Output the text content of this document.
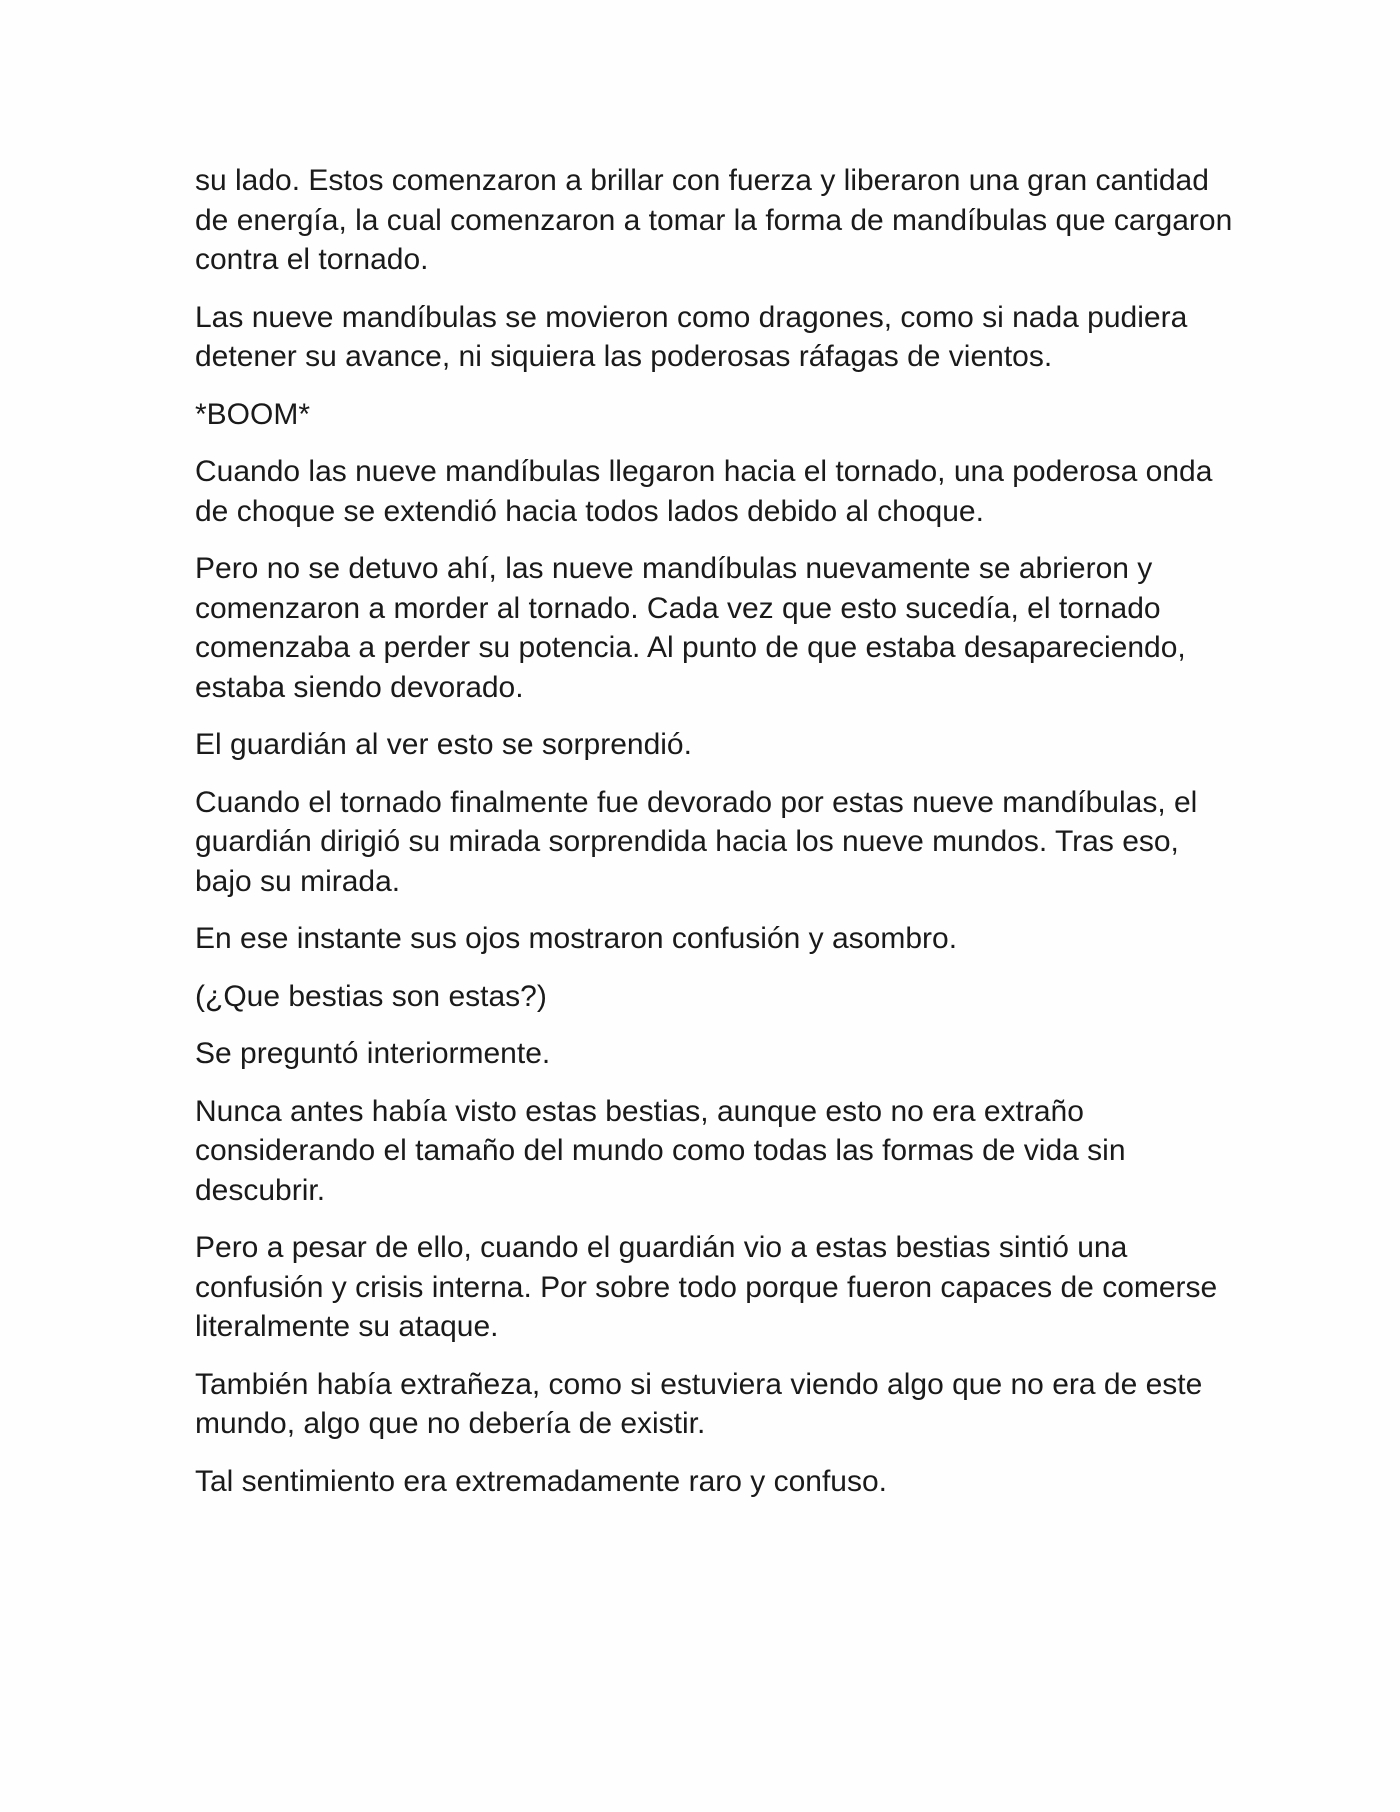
su lado. Estos comenzaron a brillar con fuerza y liberaron una gran cantidad de energía, la cual comenzaron a tomar la forma de mandíbulas que cargaron contra el tornado.

Las nueve mandíbulas se movieron como dragones, como si nada pudiera detener su avance, ni siquiera las poderosas ráfagas de vientos.

*BOOM*

Cuando las nueve mandíbulas llegaron hacia el tornado, una poderosa onda de choque se extendió hacia todos lados debido al choque.

Pero no se detuvo ahí, las nueve mandíbulas nuevamente se abrieron y comenzaron a morder al tornado. Cada vez que esto sucedía, el tornado comenzaba a perder su potencia. Al punto de que estaba desapareciendo, estaba siendo devorado.

El guardián al ver esto se sorprendió.

Cuando el tornado finalmente fue devorado por estas nueve mandíbulas, el guardián dirigió su mirada sorprendida hacia los nueve mundos. Tras eso, bajo su mirada.

En ese instante sus ojos mostraron confusión y asombro.

(¿Que bestias son estas?)

Se preguntó interiormente.

Nunca antes había visto estas bestias, aunque esto no era extraño considerando el tamaño del mundo como todas las formas de vida sin descubrir.

Pero a pesar de ello, cuando el guardián vio a estas bestias sintió una confusión y crisis interna. Por sobre todo porque fueron capaces de comerse literalmente su ataque.

También había extrañeza, como si estuviera viendo algo que no era de este mundo, algo que no debería de existir.

Tal sentimiento era extremadamente raro y confuso.
